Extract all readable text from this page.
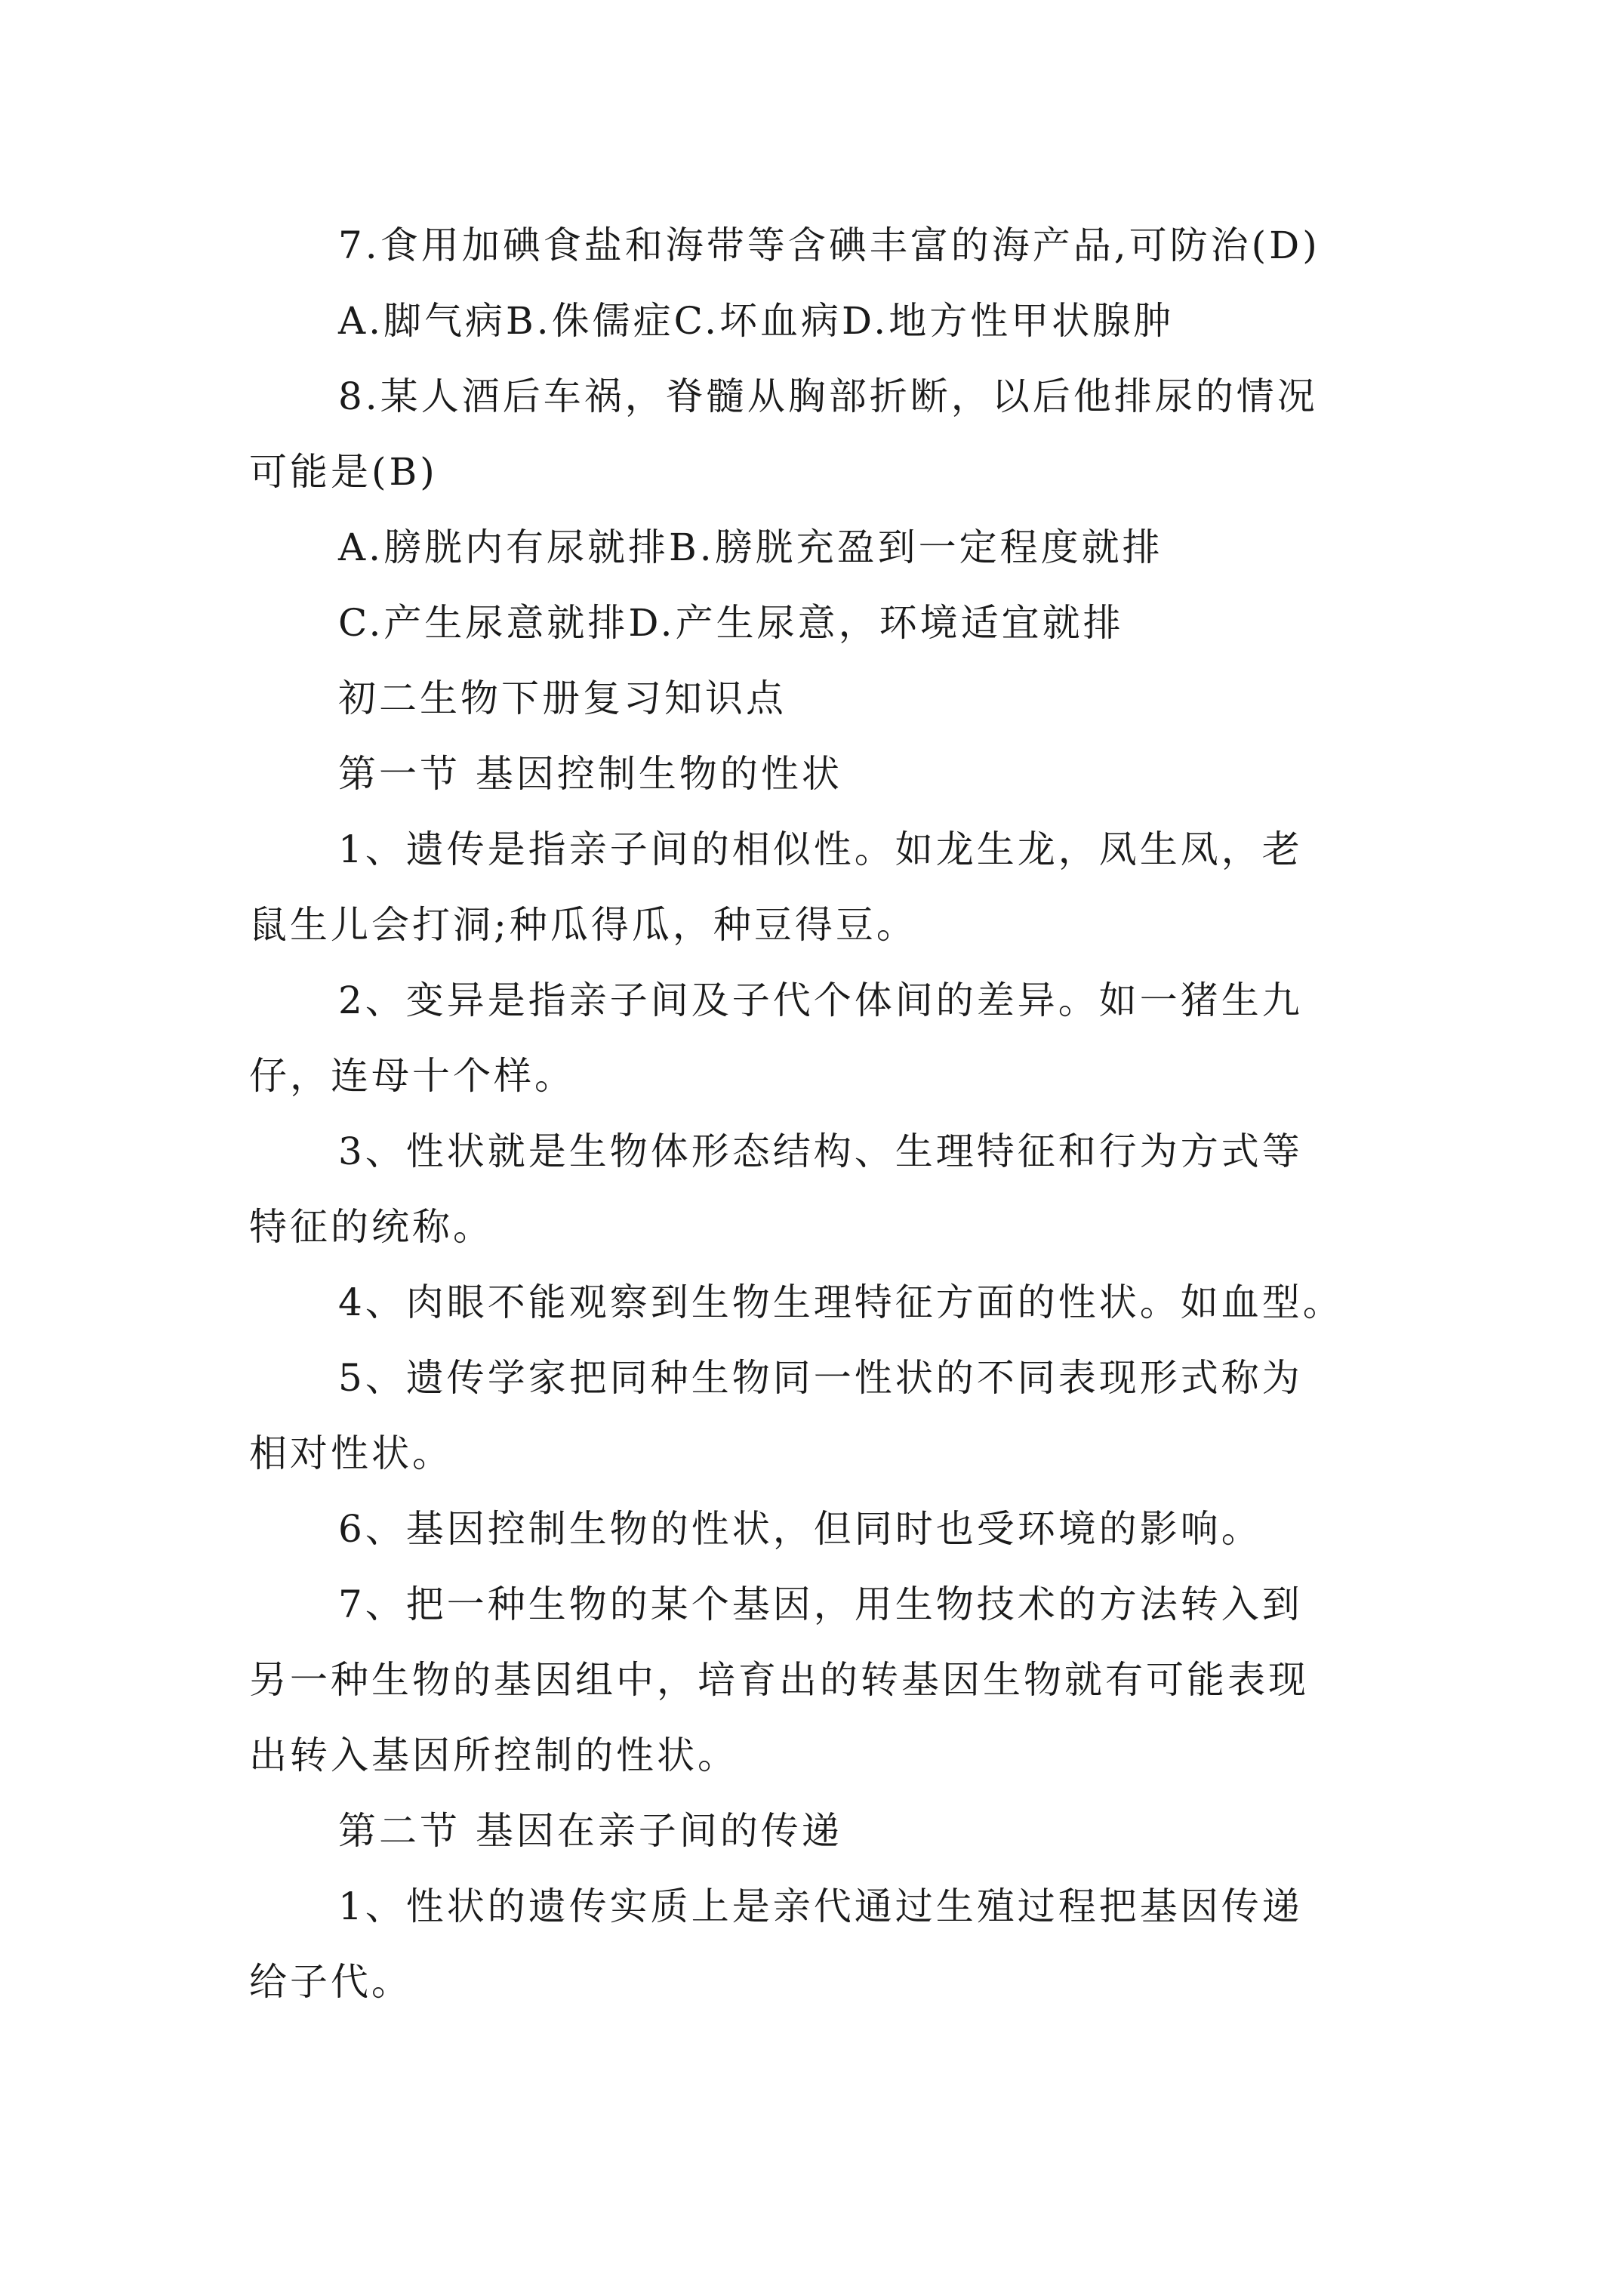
7.食用加碘食盐和海带等含碘丰富的海产品,可防治(D)
A.脚气病B.侏儒症C.坏血病D.地方性甲状腺肿
8.某人酒后车祸，脊髓从胸部折断，以后他排尿的情况
可能是(B)
A.膀胱内有尿就排B.膀胱充盈到一定程度就排
C.产生尿意就排D.产生尿意，环境适宜就排
初二生物下册复习知识点
第一节 基因控制生物的性状
1、遗传是指亲子间的相似性。如龙生龙，凤生凤，老
鼠生儿会打洞;种瓜得瓜，种豆得豆。
2、变异是指亲子间及子代个体间的差异。如一猪生九
仔，连母十个样。
3、性状就是生物体形态结构、生理特征和行为方式等
特征的统称。
4、肉眼不能观察到生物生理特征方面的性状。如血型。
5、遗传学家把同种生物同一性状的不同表现形式称为
相对性状。
6、基因控制生物的性状，但同时也受环境的影响。
7、把一种生物的某个基因，用生物技术的方法转入到
另一种生物的基因组中，培育出的转基因生物就有可能表现
出转入基因所控制的性状。
第二节 基因在亲子间的传递
1、性状的遗传实质上是亲代通过生殖过程把基因传递
给子代。
